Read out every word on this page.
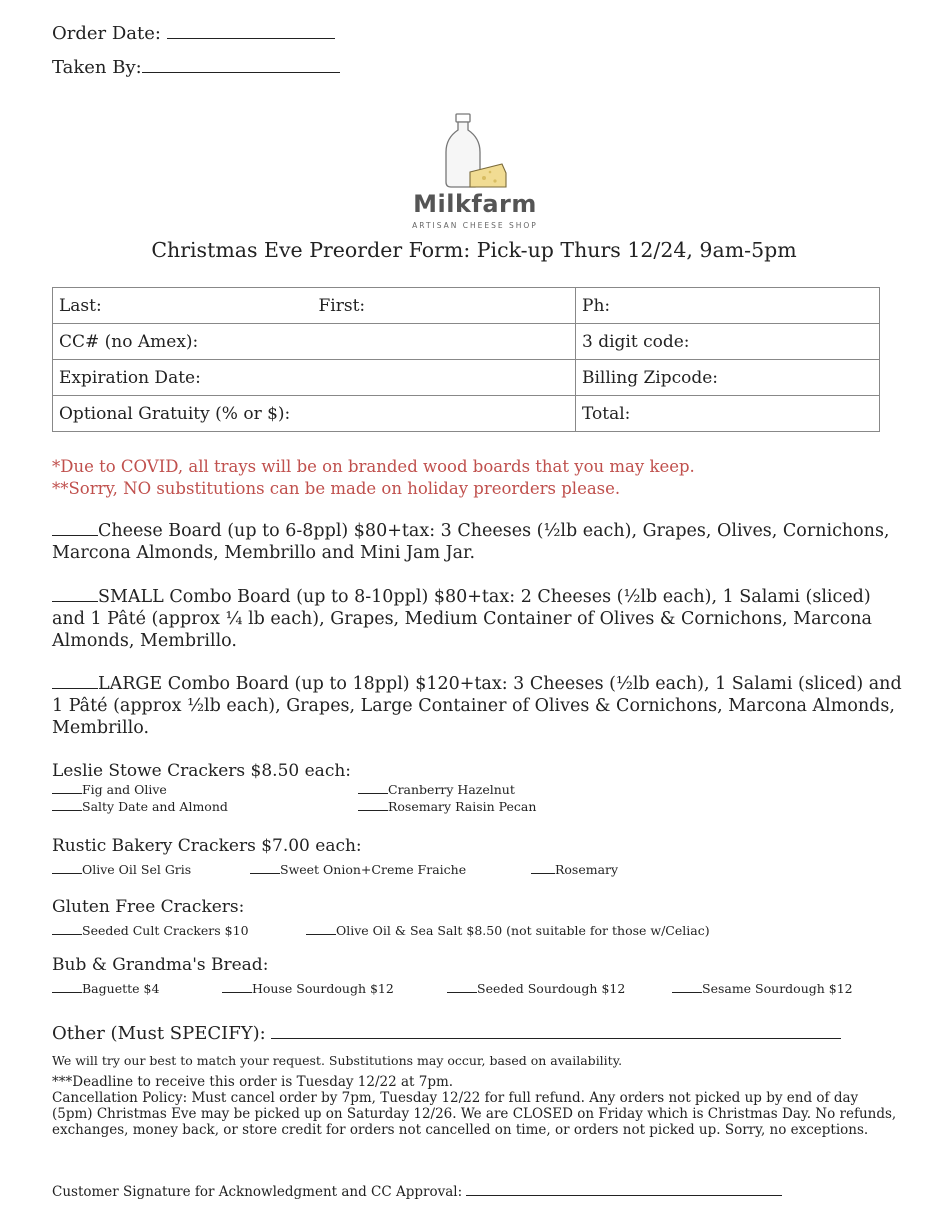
Order Date:
Taken By:
Milkfarm
ARTISAN CHEESE SHOP
Christmas Eve Preorder Form: Pick-up Thurs 12/24, 9am-5pm
Last: First:	Ph:
CC# (no Amex):	3 digit code:
Expiration Date:	Billing Zipcode:
Optional Gratuity (% or $):	Total:
*Due to COVID, all trays will be on branded wood boards that you may keep.
**Sorry, NO substitutions can be made on holiday preorders please.
Cheese Board (up to 6-8ppl) $80+tax: 3 Cheeses (½lb each), Grapes, Olives, Cornichons, Marcona Almonds, Membrillo and Mini Jam Jar.
SMALL Combo Board (up to 8-10ppl) $80+tax: 2 Cheeses (½lb each), 1 Salami (sliced) and 1 Pâté (approx ¼ lb each), Grapes, Medium Container of Olives & Cornichons, Marcona Almonds, Membrillo.
LARGE Combo Board (up to 18ppl) $120+tax: 3 Cheeses (½lb each), 1 Salami (sliced) and 1 Pâté (approx ½lb each), Grapes, Large Container of Olives & Cornichons, Marcona Almonds, Membrillo.
Leslie Stowe Crackers $8.50 each:
Fig and Olive
Salty Date and Almond
Cranberry Hazelnut
Rosemary Raisin Pecan
Rustic Bakery Crackers $7.00 each:
Olive Oil Sel Gris	Sweet Onion+Creme Fraiche	Rosemary
Gluten Free Crackers:
Seeded Cult Crackers $10	Olive Oil & Sea Salt $8.50 (not suitable for those w/Celiac)
Bub & Grandma's Bread:
Baguette $4	House Sourdough $12	Seeded Sourdough $12	Sesame Sourdough $12
Other (Must SPECIFY):
We will try our best to match your request. Substitutions may occur, based on availability.
***Deadline to receive this order is Tuesday 12/22 at 7pm.
Cancellation Policy: Must cancel order by 7pm, Tuesday 12/22 for full refund. Any orders not picked up by end of day (5pm) Christmas Eve may be picked up on Saturday 12/26. We are CLOSED on Friday which is Christmas Day. No refunds, exchanges, money back, or store credit for orders not cancelled on time, or orders not picked up. Sorry, no exceptions.
Customer Signature for Acknowledgment and CC Approval:
